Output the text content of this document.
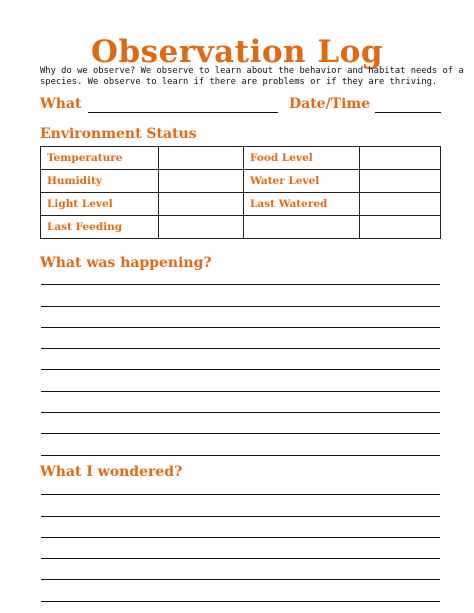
Observation Log

Why do we observe? We observe to learn about the behavior and habitat needs of a

species. We observe to learn if there are problems or if they are thriving.

What	Date/Time
Environment Status
Temperature		Food Level	
Humidity		Water Level	
Light Level		Last Watered	
Last Feeding			
What was happening?
What I wondered?
